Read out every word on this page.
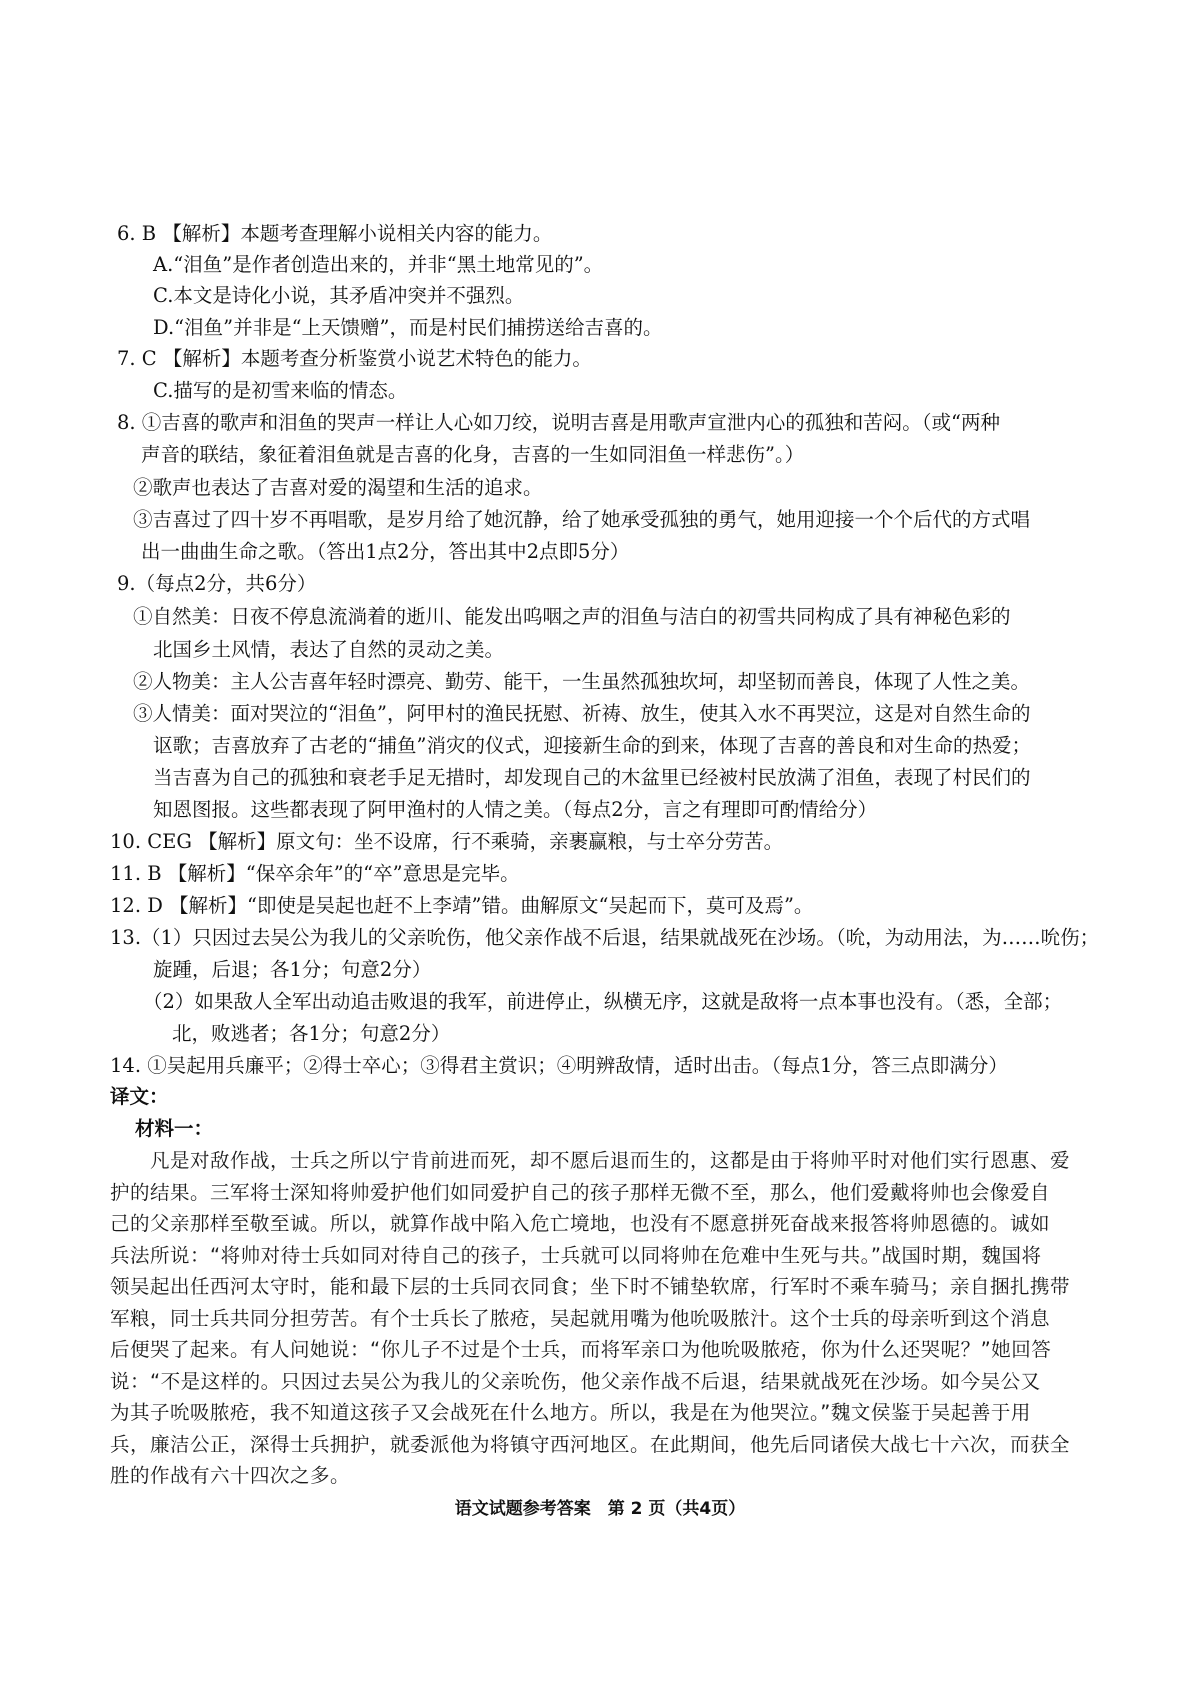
6. B 【解析】本题考查理解小说相关内容的能力。
A.“泪鱼”是作者创造出来的，并非“黑土地常见的”。
C.本文是诗化小说，其矛盾冲突并不强烈。
D.“泪鱼”并非是“上天馈赠”，而是村民们捕捞送给吉喜的。
7. C 【解析】本题考查分析鉴赏小说艺术特色的能力。
C.描写的是初雪来临的情态。
8. ①吉喜的歌声和泪鱼的哭声一样让人心如刀绞，说明吉喜是用歌声宣泄内心的孤独和苦闷。（或“两种
声音的联结，象征着泪鱼就是吉喜的化身，吉喜的一生如同泪鱼一样悲伤”。）
②歌声也表达了吉喜对爱的渴望和生活的追求。
③吉喜过了四十岁不再唱歌，是岁月给了她沉静，给了她承受孤独的勇气，她用迎接一个个后代的方式唱
出一曲曲生命之歌。（答出1点2分，答出其中2点即5分）
9.（每点2分，共6分）
①自然美：日夜不停息流淌着的逝川、能发出呜咽之声的泪鱼与洁白的初雪共同构成了具有神秘色彩的
北国乡土风情，表达了自然的灵动之美。
②人物美：主人公吉喜年轻时漂亮、勤劳、能干，一生虽然孤独坎坷，却坚韧而善良，体现了人性之美。
③人情美：面对哭泣的“泪鱼”，阿甲村的渔民抚慰、祈祷、放生，使其入水不再哭泣，这是对自然生命的
讴歌；吉喜放弃了古老的“捕鱼”消灾的仪式，迎接新生命的到来，体现了吉喜的善良和对生命的热爱；
当吉喜为自己的孤独和衰老手足无措时，却发现自己的木盆里已经被村民放满了泪鱼，表现了村民们的
知恩图报。这些都表现了阿甲渔村的人情之美。（每点2分，言之有理即可酌情给分）
10. CEG 【解析】原文句：坐不设席，行不乘骑，亲裹赢粮，与士卒分劳苦。
11. B 【解析】“保卒余年”的“卒”意思是完毕。
12. D 【解析】“即使是吴起也赶不上李靖”错。曲解原文“吴起而下，莫可及焉”。
13.（1）只因过去吴公为我儿的父亲吮伤，他父亲作战不后退，结果就战死在沙场。（吮，为动用法，为……吮伤；
旋踵，后退；各1分；句意2分）
（2）如果敌人全军出动追击败退的我军，前进停止，纵横无序，这就是敌将一点本事也没有。（悉，全部；
北，败逃者；各1分；句意2分）
14. ①吴起用兵廉平；②得士卒心；③得君主赏识；④明辨敌情，适时出击。（每点1分，答三点即满分）
译文：
材料一：
凡是对敌作战，士兵之所以宁肯前进而死，却不愿后退而生的，这都是由于将帅平时对他们实行恩惠、爱
护的结果。三军将士深知将帅爱护他们如同爱护自己的孩子那样无微不至，那么，他们爱戴将帅也会像爱自
己的父亲那样至敬至诚。所以，就算作战中陷入危亡境地，也没有不愿意拼死奋战来报答将帅恩德的。诚如
兵法所说：“将帅对待士兵如同对待自己的孩子，士兵就可以同将帅在危难中生死与共。”战国时期，魏国将
领吴起出任西河太守时，能和最下层的士兵同衣同食；坐下时不铺垫软席，行军时不乘车骑马；亲自捆扎携带
军粮，同士兵共同分担劳苦。有个士兵长了脓疮，吴起就用嘴为他吮吸脓汁。这个士兵的母亲听到这个消息
后便哭了起来。有人问她说：“你儿子不过是个士兵，而将军亲口为他吮吸脓疮，你为什么还哭呢？”她回答
说：“不是这样的。只因过去吴公为我儿的父亲吮伤，他父亲作战不后退，结果就战死在沙场。如今吴公又
为其子吮吸脓疮，我不知道这孩子又会战死在什么地方。所以，我是在为他哭泣。”魏文侯鉴于吴起善于用
兵，廉洁公正，深得士兵拥护，就委派他为将镇守西河地区。在此期间，他先后同诸侯大战七十六次，而获全
胜的作战有六十四次之多。
语文试题参考答案　第 2 页（共4页）
